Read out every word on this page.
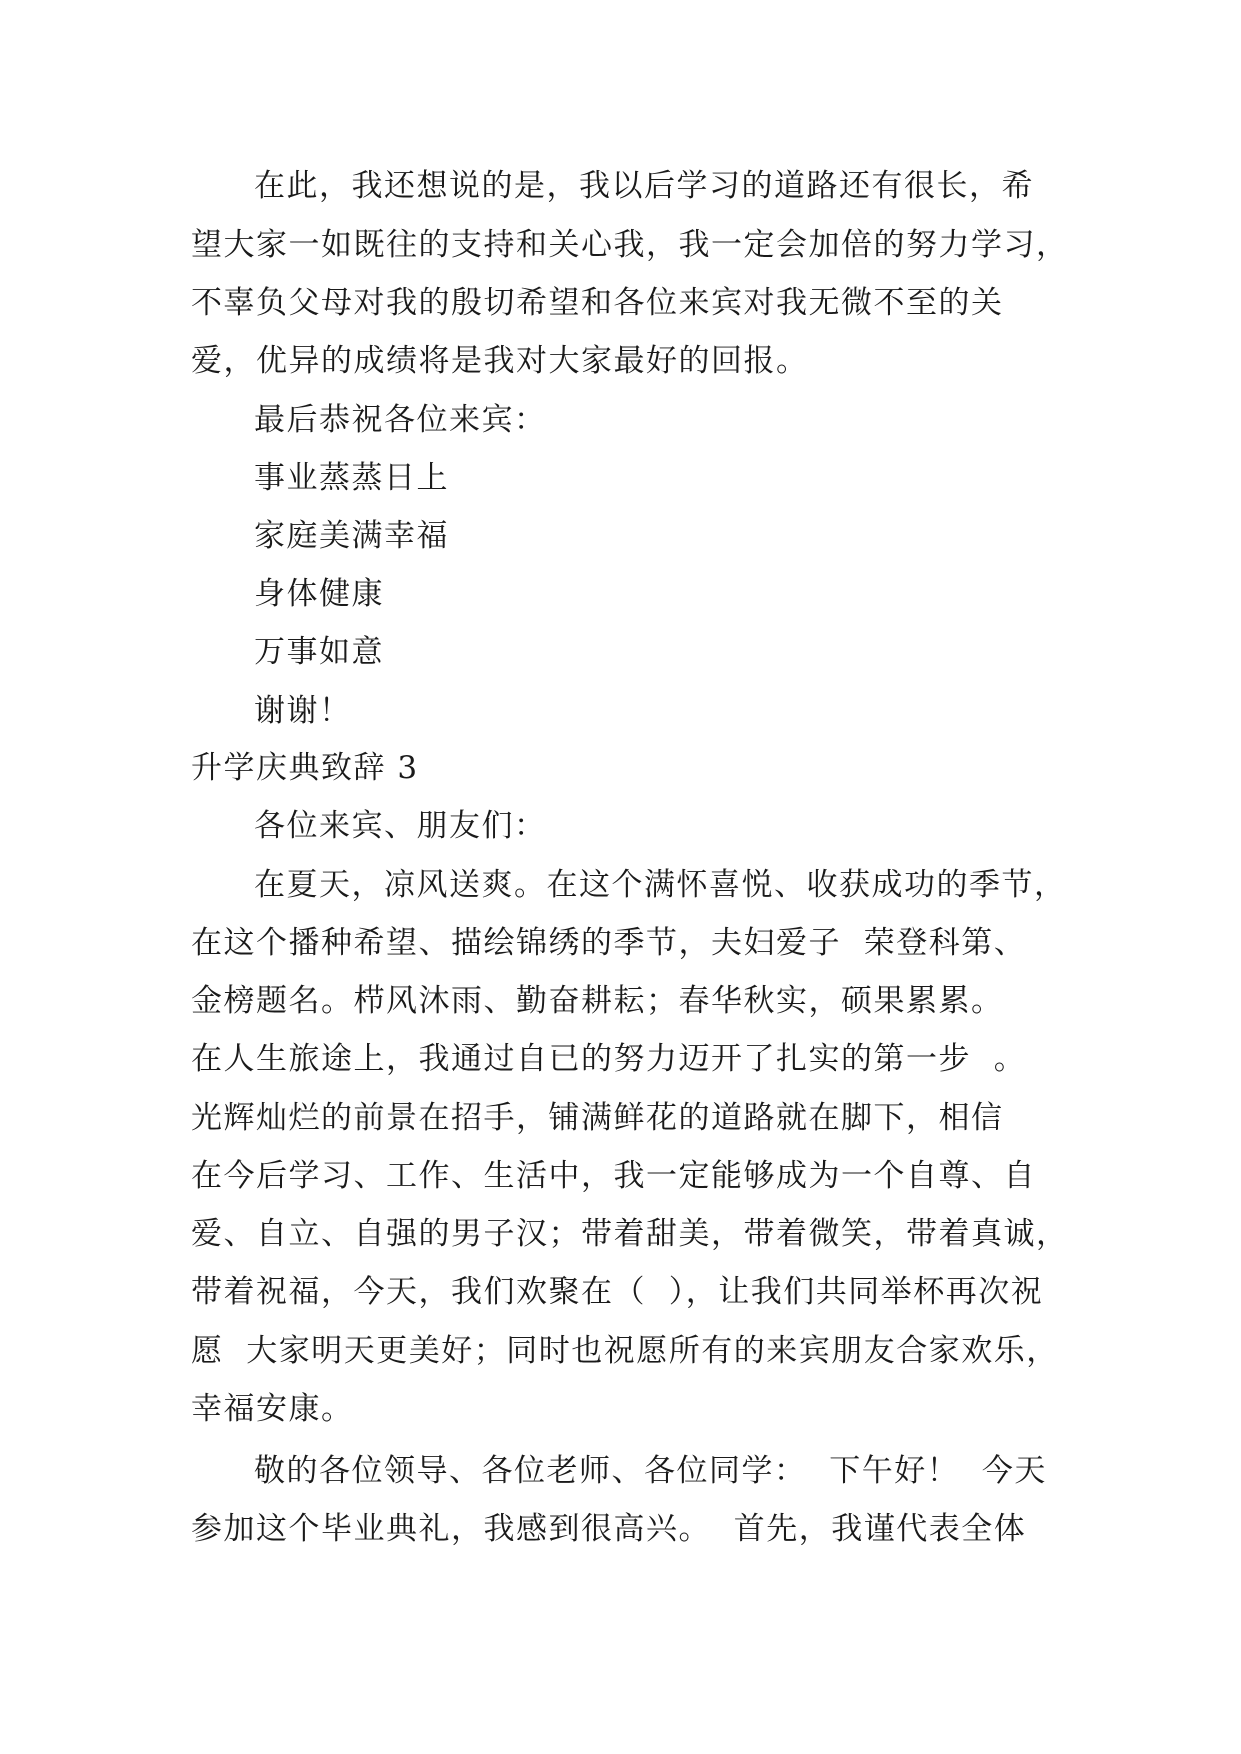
在此，我还想说的是，我以后学习的道路还有很长，希
望大家一如既往的支持和关心我，我一定会加倍的努力学习，
不辜负父母对我的殷切希望和各位来宾对我无微不至的关
爱，优异的成绩将是我对大家最好的回报。
最后恭祝各位来宾：
事业蒸蒸日上
家庭美满幸福
身体健康
万事如意
谢谢！
升学庆典致辞 3
各位来宾、朋友们：
在夏天，凉风送爽。在这个满怀喜悦、收获成功的季节，
在这个播种希望、描绘锦绣的季节，夫妇爱子  荣登科第、
金榜题名。栉风沐雨、勤奋耕耘；春华秋实，硕果累累。
在人生旅途上，我通过自已的努力迈开了扎实的第一步  。
光辉灿烂的前景在招手，铺满鲜花的道路就在脚下，相信
在今后学习、工作、生活中，我一定能够成为一个自尊、自
爱、自立、自强的男子汉；带着甜美，带着微笑，带着真诚，
带着祝福，今天，我们欢聚在（  ），让我们共同举杯再次祝
愿  大家明天更美好；同时也祝愿所有的来宾朋友合家欢乐，
幸福安康。
敬的各位领导、各位老师、各位同学：  下午好！  今天
参加这个毕业典礼，我感到很高兴。  首先，我谨代表全体
